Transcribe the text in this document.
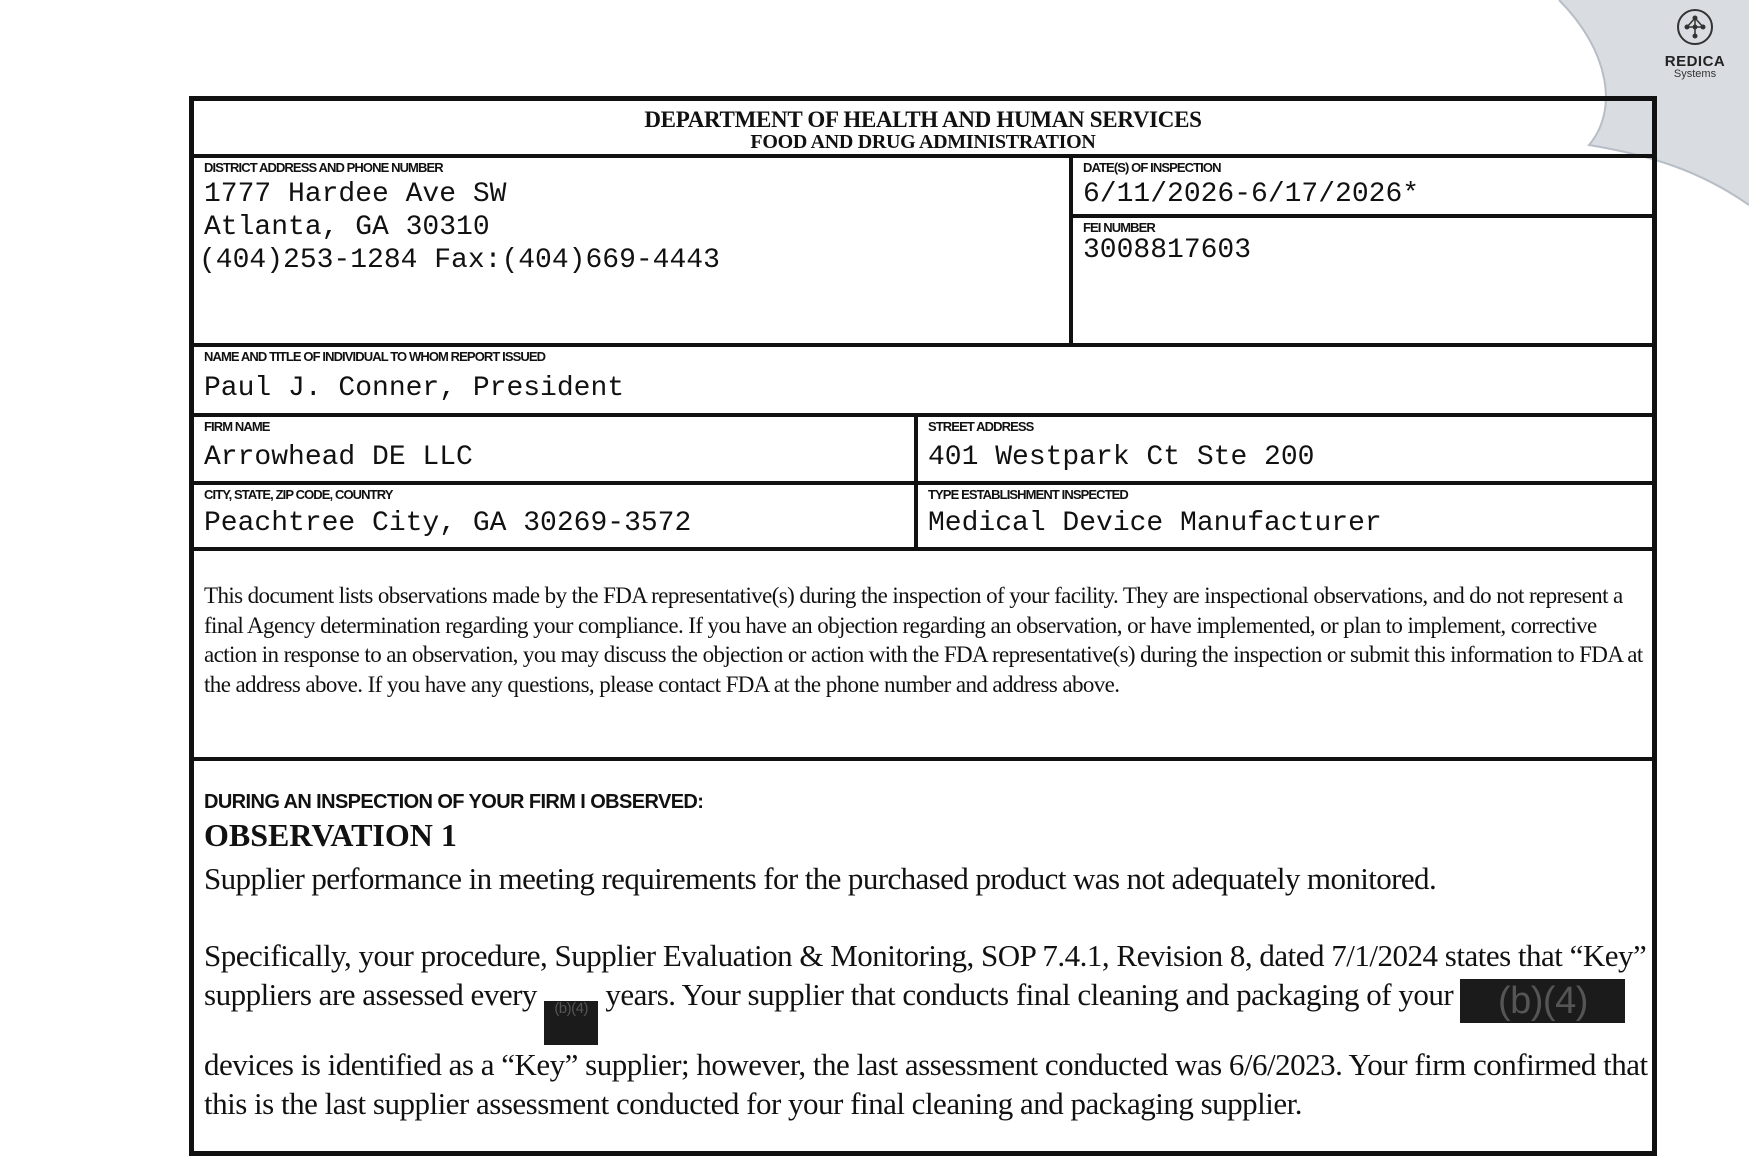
REDICA
Systems
DEPARTMENT OF HEALTH AND HUMAN SERVICES
FOOD AND DRUG ADMINISTRATION
DISTRICT ADDRESS AND PHONE NUMBER
1777 Hardee Ave SW
Atlanta, GA 30310
(404)253-1284 Fax:(404)669-4443
DATE(S) OF INSPECTION
6/11/2026-6/17/2026*
FEI NUMBER
3008817603
NAME AND TITLE OF INDIVIDUAL TO WHOM REPORT ISSUED
Paul J. Conner, President
FIRM NAME
Arrowhead DE LLC
STREET ADDRESS
401 Westpark Ct Ste 200
CITY, STATE, ZIP CODE, COUNTRY
Peachtree City, GA 30269-3572
TYPE ESTABLISHMENT INSPECTED
Medical Device Manufacturer
This document lists observations made by the FDA representative(s) during the inspection of your facility. They are inspectional observations, and do not represent a final Agency determination regarding your compliance. If you have an objection regarding an observation, or have implemented, or plan to implement, corrective action in response to an observation, you may discuss the objection or action with the FDA representative(s) during the inspection or submit this information to FDA at the address above. If you have any questions, please contact FDA at the phone number and address above.
DURING AN INSPECTION OF YOUR FIRM I OBSERVED:
OBSERVATION 1
Supplier performance in meeting requirements for the purchased product was not adequately monitored.
Specifically, your procedure, Supplier Evaluation & Monitoring, SOP 7.4.1, Revision 8, dated 7/1/2024 states that “Key” suppliers are assessed every (b)(4) years. Your supplier that conducts final cleaning and packaging of your (b)(4) devices is identified as a “Key” supplier; however, the last assessment conducted was 6/6/2023. Your firm confirmed that this is the last supplier assessment conducted for your final cleaning and packaging supplier.
